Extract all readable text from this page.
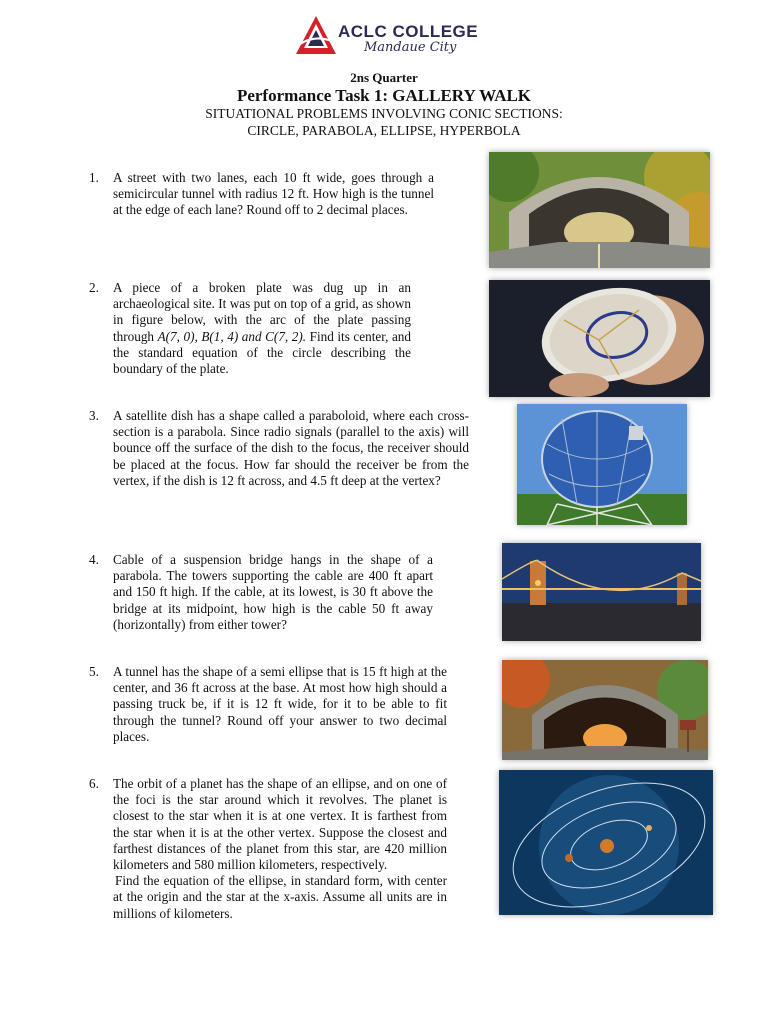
ACLC COLLEGE
Mandaue City
2ns Quarter
Performance Task 1: GALLERY WALK
SITUATIONAL PROBLEMS INVOLVING CONIC SECTIONS:
CIRCLE, PARABOLA, ELLIPSE, HYPERBOLA
1.	A street with two lanes, each 10 ft wide, goes through a semicircular tunnel with radius 12 ft. How high is the tunnel at the edge of each lane? Round off to 2 decimal places.

2.	A piece of a broken plate was dug up in an archaeological site. It was put on top of a grid, as shown in figure below, with the arc of the plate passing through A(7, 0), B(1, 4) and C(7, 2). Find its center, and the standard equation of the circle describing the boundary of the plate.

3.	A satellite dish has a shape called a paraboloid, where each cross-section is a parabola. Since radio signals (parallel to the axis) will bounce off the surface of the dish to the focus, the receiver should be placed at the focus. How far should the receiver be from the vertex, if the dish is 12 ft across, and 4.5 ft deep at the vertex?

4.	Cable of a suspension bridge hangs in the shape of a parabola. The towers supporting the cable are 400 ft apart and 150 ft high. If the cable, at its lowest, is 30 ft above the bridge at its midpoint, how high is the cable 50 ft away (horizontally) from either tower?

5.	A tunnel has the shape of a semi ellipse that is 15 ft high at the center, and 36 ft across at the base. At most how high should a passing truck be, if it is 12 ft wide, for it to be able to fit through the tunnel? Round off your answer to two decimal places.

6.	The orbit of a planet has the shape of an ellipse, and on one of the foci is the star around which it revolves. The planet is closest to the star when it is at one vertex. It is farthest from the star when it is at the other vertex. Suppose the closest and farthest distances of the planet from this star, are 420 million kilometers and 580 million kilometers, respectively.

Find the equation of the ellipse, in standard form, with center at the origin and the star at the x-axis. Assume all units are in millions of kilometers.
